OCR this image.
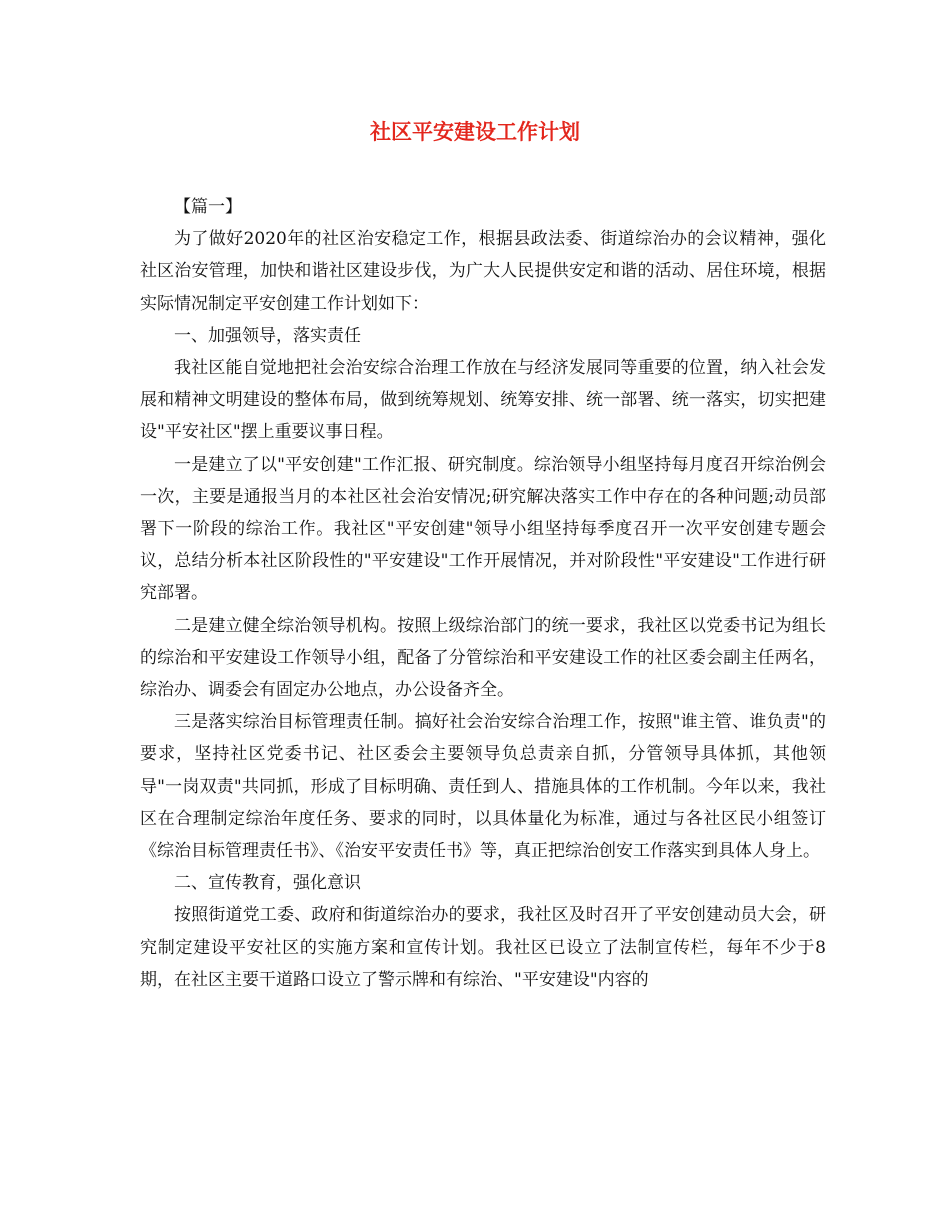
社区平安建设工作计划

【篇一】

为了做好2020年的社区治安稳定工作，根据县政法委、街道综治办的会议精神，强化社区治安管理，加快和谐社区建设步伐，为广大人民提供安定和谐的活动、居住环境，根据实际情况制定平安创建工作计划如下：

一、加强领导，落实责任

我社区能自觉地把社会治安综合治理工作放在与经济发展同等重要的位置，纳入社会发展和精神文明建设的整体布局，做到统筹规划、统筹安排、统一部署、统一落实，切实把建设"平安社区"摆上重要议事日程。

一是建立了以"平安创建"工作汇报、研究制度。综治领导小组坚持每月度召开综治例会一次，主要是通报当月的本社区社会治安情况;研究解决落实工作中存在的各种问题;动员部署下一阶段的综治工作。我社区"平安创建"领导小组坚持每季度召开一次平安创建专题会议，总结分析本社区阶段性的"平安建设"工作开展情况，并对阶段性"平安建设"工作进行研究部署。

二是建立健全综治领导机构。按照上级综治部门的统一要求，我社区以党委书记为组长的综治和平安建设工作领导小组，配备了分管综治和平安建设工作的社区委会副主任两名，综治办、调委会有固定办公地点，办公设备齐全。

三是落实综治目标管理责任制。搞好社会治安综合治理工作，按照"谁主管、谁负责"的要求，坚持社区党委书记、社区委会主要领导负总责亲自抓，分管领导具体抓，其他领导"一岗双责"共同抓，形成了目标明确、责任到人、措施具体的工作机制。今年以来，我社区在合理制定综治年度任务、要求的同时，以具体量化为标准，通过与各社区民小组签订《综治目标管理责任书》、《治安平安责任书》等，真正把综治创安工作落实到具体人身上。

二、宣传教育，强化意识

按照街道党工委、政府和街道综治办的要求，我社区及时召开了平安创建动员大会，研究制定建设平安社区的实施方案和宣传计划。我社区已设立了法制宣传栏，每年不少于8期，在社区主要干道路口设立了警示牌和有综治、"平安建设"内容的
